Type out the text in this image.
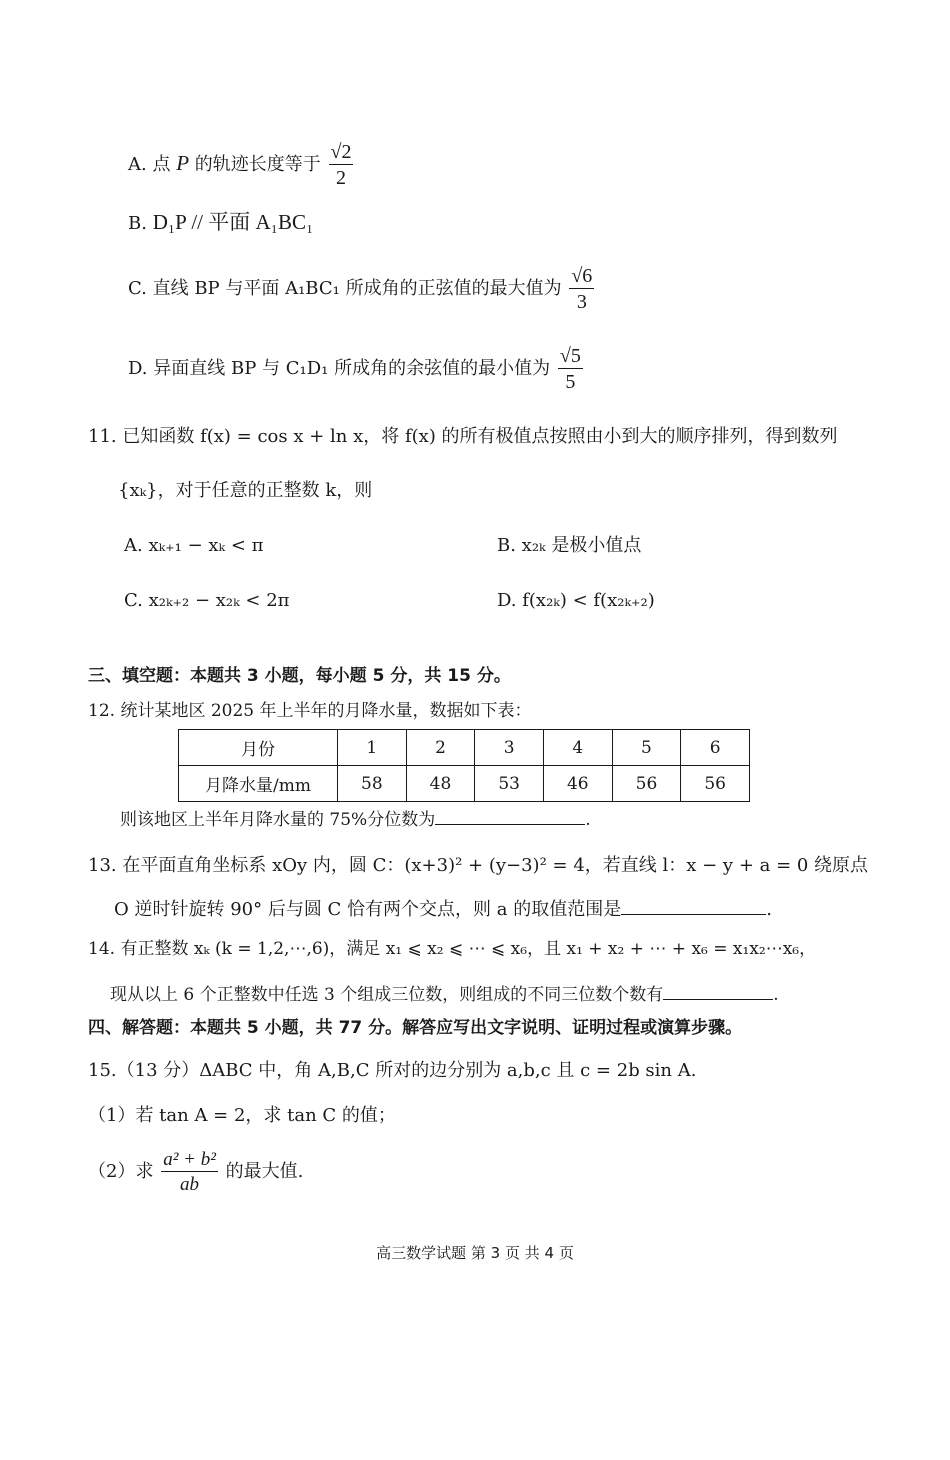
A. 点 P 的轨迹长度等于 $\frac{√2}{2}$
B. D₁P // 平面 A₁BC₁
C. 直线 BP 与平面 A₁BC₁ 所成角的正弦值的最大值为 $\frac{√6}{3}$
D. 异面直线 BP 与 C₁D₁ 所成角的余弦值的最小值为 $\frac{√5}{5}$
11. 已知函数 f(x) = cos x + ln x，将 f(x) 的所有极值点按照由小到大的顺序排列，得到数列
{xₖ}，对于任意的正整数 k，则
A. xₖ₊₁ − xₖ < π	B. x₂ₖ 是极小值点
C. x₂ₖ₊₂ − x₂ₖ < 2π	D. f(x₂ₖ) < f(x₂ₖ₊₂)
三、填空题：本题共 3 小题，每小题 5 分，共 15 分。
12. 统计某地区 2025 年上半年的月降水量，数据如下表：
月份	1	2	3	4	5	6
月降水量/mm	58	48	53	46	56	56
则该地区上半年月降水量的 75%分位数为	.
13. 在平面直角坐标系 xOy 内，圆 C：(x+3)² + (y−3)² = 4，若直线 l：x − y + a = 0 绕原点
O 逆时针旋转 90° 后与圆 C 恰有两个交点，则 a 的取值范围是	.
14. 有正整数 xₖ (k = 1,2,⋯,6)，满足 x₁ ⩽ x₂ ⩽ ⋯ ⩽ x₆，且 x₁ + x₂ + ⋯ + x₆ = x₁x₂⋯x₆，
现从以上 6 个正整数中任选 3 个组成三位数，则组成的不同三位数个数有	.
四、解答题：本题共 5 小题，共 77 分。解答应写出文字说明、证明过程或演算步骤。
15.（13 分）ΔABC 中，角 A,B,C 所对的边分别为 a,b,c 且 c = 2b sin A.
（1）若 tan A = 2，求 tan C 的值；
（2）求 $\frac{\text{a² + b²}}{ab}$ 的最大值.
高三数学试题 第 3 页 共 4 页
